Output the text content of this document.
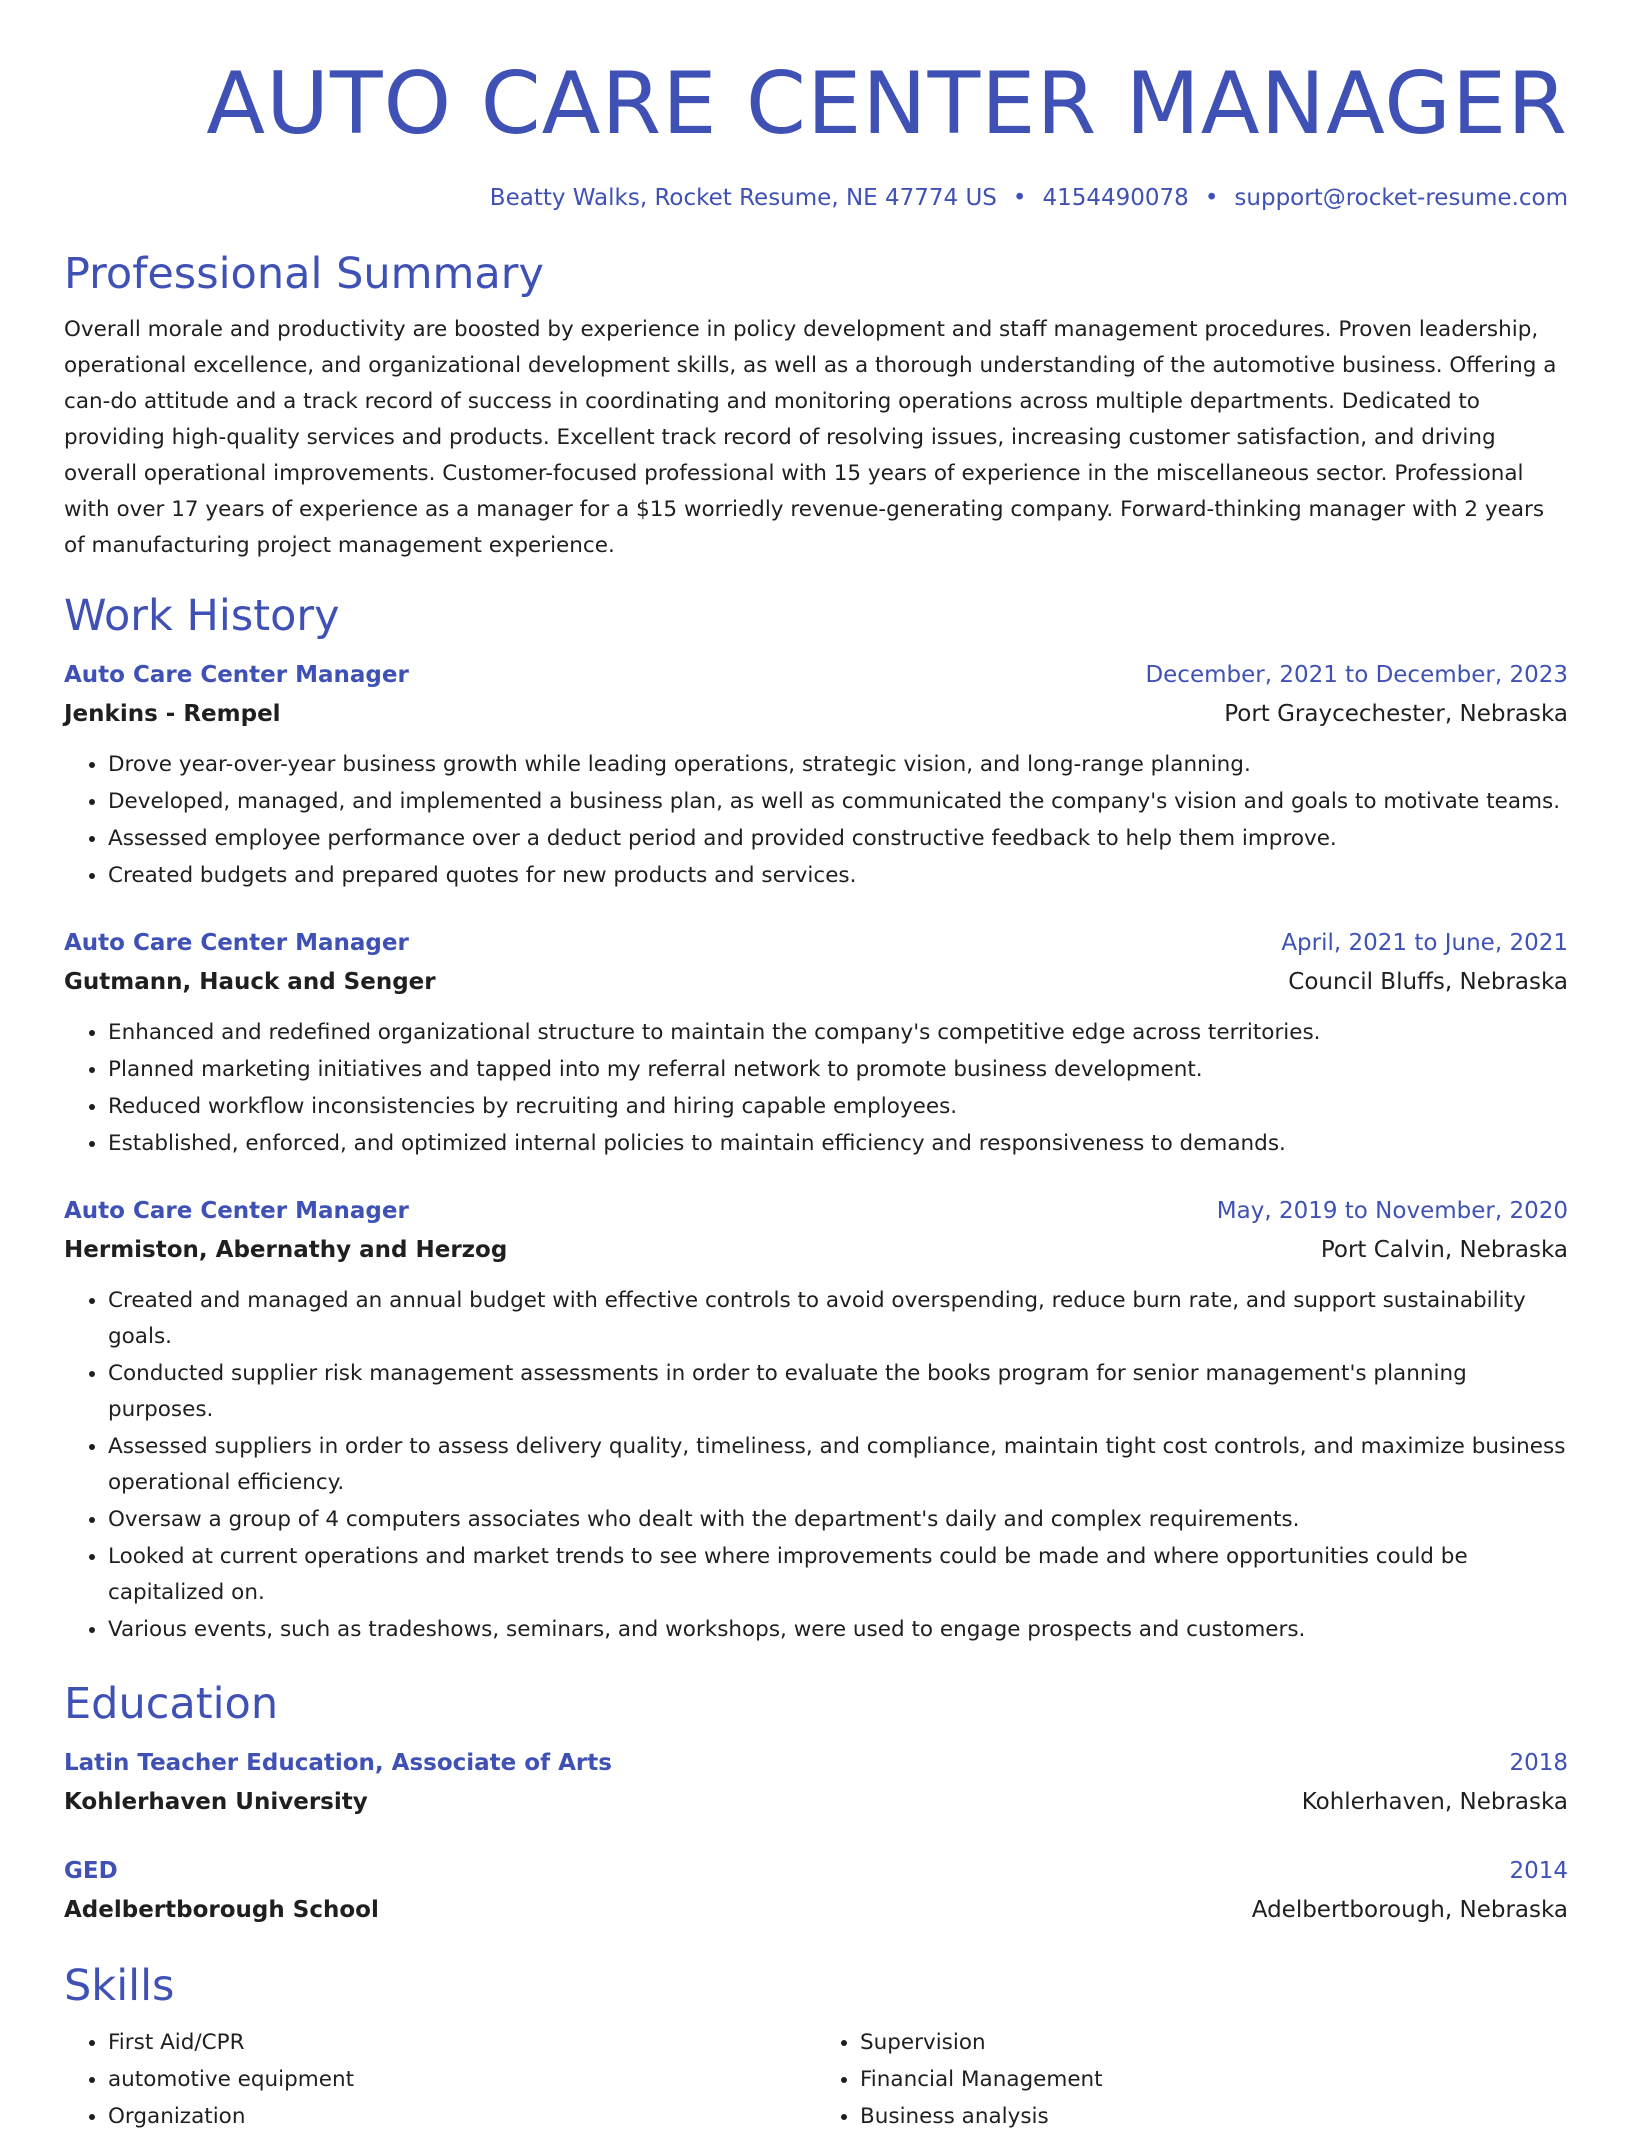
AUTO CARE CENTER MANAGER
Beatty Walks, Rocket Resume, NE 47774 US • 4154490078 • support@rocket-resume.com
Professional Summary

Overall morale and productivity are boosted by experience in policy development and staff management procedures. Proven leadership, operational excellence, and organizational development skills, as well as a thorough understanding of the automotive business. Offering a can-do attitude and a track record of success in coordinating and monitoring operations across multiple departments. Dedicated to providing high-quality services and products. Excellent track record of resolving issues, increasing customer satisfaction, and driving overall operational improvements. Customer-focused professional with 15 years of experience in the miscellaneous sector. Professional with over 17 years of experience as a manager for a $15 worriedly revenue-generating company. Forward-thinking manager with 2 years of manufacturing project management experience.

Work History
Auto Care Center Manager	December, 2021 to December, 2023
Jenkins - Rempel	Port Graycechester, Nebraska
• Drove year-over-year business growth while leading operations, strategic vision, and long-range planning.
• Developed, managed, and implemented a business plan, as well as communicated the company's vision and goals to motivate teams.
• Assessed employee performance over a deduct period and provided constructive feedback to help them improve.
• Created budgets and prepared quotes for new products and services.
Auto Care Center Manager	April, 2021 to June, 2021
Gutmann, Hauck and Senger	Council Bluffs, Nebraska
• Enhanced and redefined organizational structure to maintain the company's competitive edge across territories.
• Planned marketing initiatives and tapped into my referral network to promote business development.
• Reduced workflow inconsistencies by recruiting and hiring capable employees.
• Established, enforced, and optimized internal policies to maintain efficiency and responsiveness to demands.
Auto Care Center Manager	May, 2019 to November, 2020
Hermiston, Abernathy and Herzog	Port Calvin, Nebraska
• Created and managed an annual budget with effective controls to avoid overspending, reduce burn rate, and support sustainability goals.
• Conducted supplier risk management assessments in order to evaluate the books program for senior management's planning purposes.
• Assessed suppliers in order to assess delivery quality, timeliness, and compliance, maintain tight cost controls, and maximize business operational efficiency.
• Oversaw a group of 4 computers associates who dealt with the department's daily and complex requirements.
• Looked at current operations and market trends to see where improvements could be made and where opportunities could be capitalized on.
• Various events, such as tradeshows, seminars, and workshops, were used to engage prospects and customers.
Education
Latin Teacher Education, Associate of Arts	2018
Kohlerhaven University	Kohlerhaven, Nebraska
GED	2014
Adelbertborough School	Adelbertborough, Nebraska
Skills
• First Aid/CPR
• automotive equipment
• Organization
• Supervision
• Financial Management
• Business analysis
